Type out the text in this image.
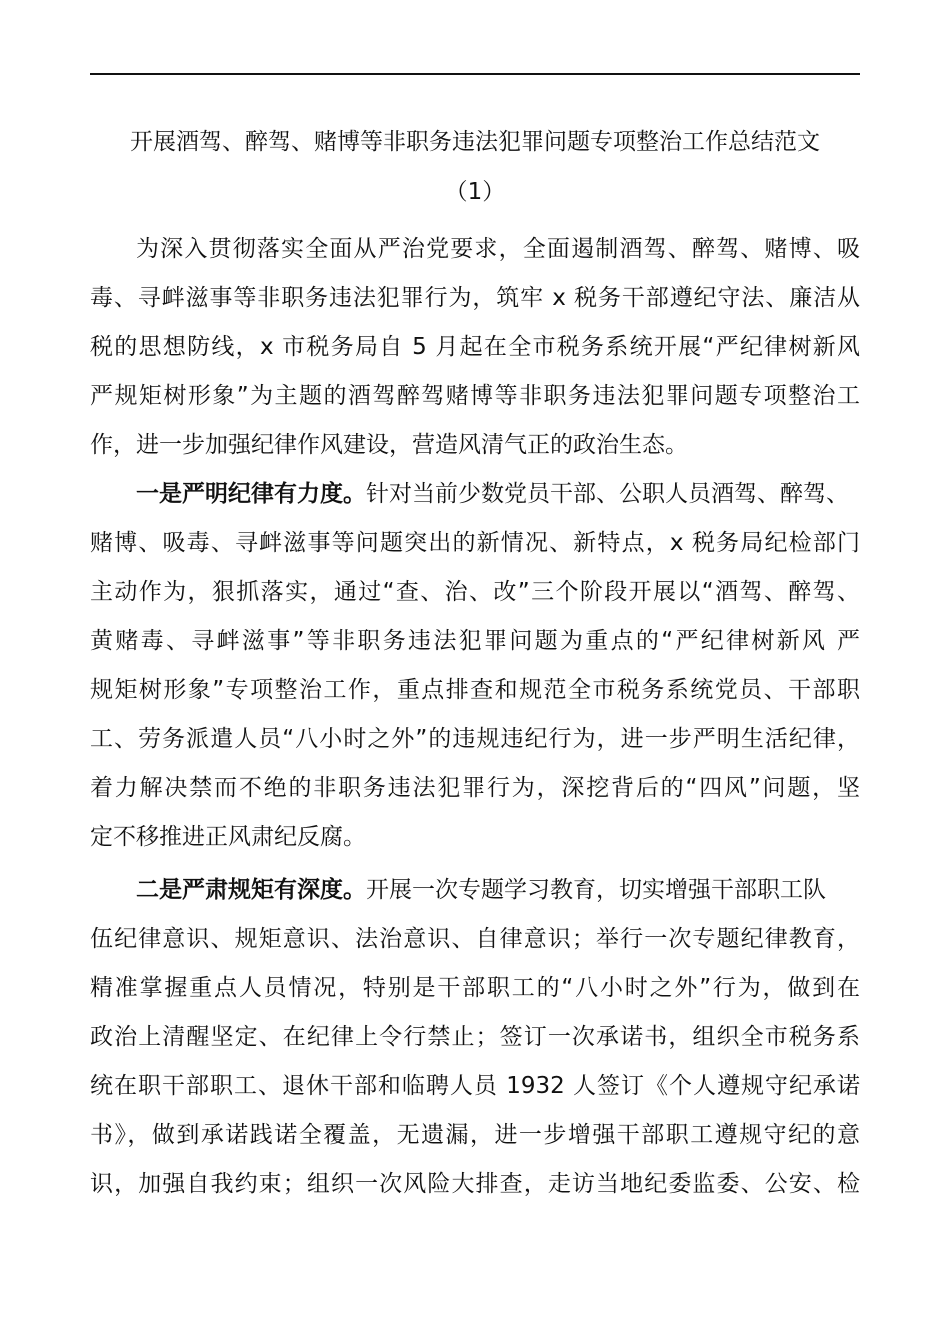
开展酒驾、醉驾、赌博等非职务违法犯罪问题专项整治工作总结范文
（1）
为深入贯彻落实全面从严治党要求，全面遏制酒驾、醉驾、赌博、吸
毒、寻衅滋事等非职务违法犯罪行为，筑牢 x 税务干部遵纪守法、廉洁从
税的思想防线，x 市税务局自 5 月起在全市税务系统开展“严纪律树新风
严规矩树形象”为主题的酒驾醉驾赌博等非职务违法犯罪问题专项整治工
作，进一步加强纪律作风建设，营造风清气正的政治生态。
一是严明纪律有力度。针对当前少数党员干部、公职人员酒驾、醉驾、
赌博、吸毒、寻衅滋事等问题突出的新情况、新特点，x 税务局纪检部门
主动作为，狠抓落实，通过“查、治、改”三个阶段开展以“酒驾、醉驾、
黄赌毒、寻衅滋事”等非职务违法犯罪问题为重点的“严纪律树新风 严
规矩树形象”专项整治工作，重点排查和规范全市税务系统党员、干部职
工、劳务派遣人员“八小时之外”的违规违纪行为，进一步严明生活纪律，
着力解决禁而不绝的非职务违法犯罪行为，深挖背后的“四风”问题，坚
定不移推进正风肃纪反腐。
二是严肃规矩有深度。开展一次专题学习教育，切实增强干部职工队
伍纪律意识、规矩意识、法治意识、自律意识；举行一次专题纪律教育，
精准掌握重点人员情况，特别是干部职工的“八小时之外”行为，做到在
政治上清醒坚定、在纪律上令行禁止；签订一次承诺书，组织全市税务系
统在职干部职工、退休干部和临聘人员 1932 人签订《个人遵规守纪承诺
书》，做到承诺践诺全覆盖，无遗漏，进一步增强干部职工遵规守纪的意
识，加强自我约束；组织一次风险大排查，走访当地纪委监委、公安、检
